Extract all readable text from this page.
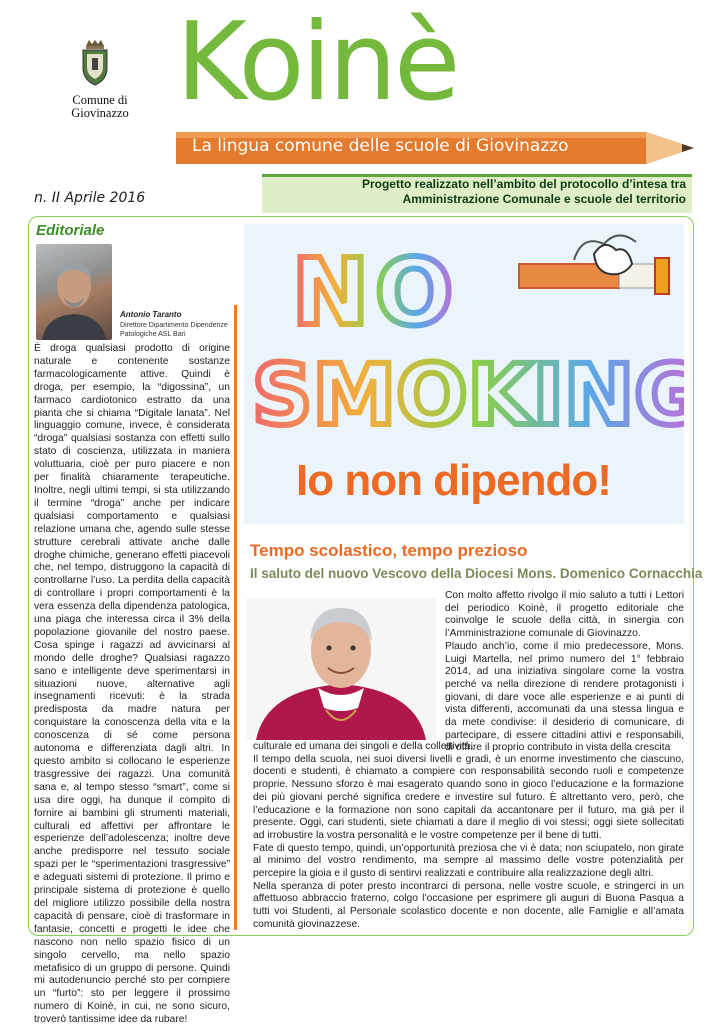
Comune di Giovinazzo Koinè
La lingua comune delle scuole di Giovinazzo
n. II Aprile 2016
Progetto realizzato nell’ambito del protocollo d’intesa tra
Amministrazione Comunale e scuole del territorio
Editoriale
Antonio Taranto
Direttore Dipartimento Dipendenze Patologiche ASL Bari
È droga qualsiasi prodotto di origine naturale e contenente sostanze farmacologicamente attive. Quindi è droga, per esempio, la “digossina”, un farmaco cardiotonico estratto da una pianta che si chiama “Digitale lanata”. Nel linguaggio comune, invece, è considerata “droga” qualsiasi sostanza con effetti sullo stato di coscienza, utilizzata in maniera voluttuaria, cioè per puro piacere e non per finalità chiaramente terapeutiche. Inoltre, negli ultimi tempi, si sta utilizzando il termine “droga” anche per indicare qualsiasi comportamento e qualsiasi relazione umana che, agendo sulle stesse strutture cerebrali attivate anche dalle droghe chimiche, generano effetti piacevoli che, nel tempo, distruggono la capacità di controllarne l’uso. La perdita della capacità di controllare i propri comportamenti è la vera essenza della dipendenza patologica, una piaga che interessa circa il 3% della popolazione giovanile del nostro paese. Cosa spinge i ragazzi ad avvicinarsi al mondo delle droghe? Qualsiasi ragazzo sano e intelligente deve sperimentarsi in situazioni nuove, alternative agli insegnamenti ricevuti: è la strada predisposta da madre natura per conquistare la conoscenza della vita e la conoscenza di sé come persona autonoma e differenziata dagli altri. In questo ambito si collocano le esperienze trasgressive dei ragazzi. Una comunità sana e, al tempo stesso “smart”, come si usa dire oggi, ha dunque il compito di fornire ai bambini gli strumenti materiali, culturali ed affettivi per affrontare le esperienze dell’adolescenza; inoltre deve anche predisporre nel tessuto sociale spazi per le “sperimentazioni trasgressive” e adeguati sistemi di protezione. Il primo e principale sistema di protezione è quello del migliore utilizzo possibile della nostra capacità di pensare, cioè di trasformare in fantasie, concetti e progetti le idee che nascono non nello spazio fisico di un singolo cervello, ma nello spazio metafisico di un gruppo di persone. Quindi mi autodenuncio perché sto per compiere un “furto”: sto per leggere il prossimo numero di Koinè, in cui, ne sono sicuro, troverò tantissime idee da rubare!
NO
SMOKING
Io non dipendo!
Tempo scolastico, tempo prezioso
Il saluto del nuovo Vescovo della Diocesi Mons. Domenico Cornacchia

Con molto affetto rivolgo il mio saluto a tutti i Lettori del periodico Koinè, il progetto editoriale che coinvolge le scuole della città, in sinergia con l’Amministrazione comunale di Giovinazzo.

Plaudo anch’io, come il mio predecessore, Mons. Luigi Martella, nel primo numero del 1° febbraio 2014, ad una iniziativa singolare come la vostra perché va nella direzione di rendere protagonisti i giovani, di dare voce alle esperienze e ai punti di vista differenti, accomunati da una stessa lingua e da mete condivise: il desiderio di comunicare, di partecipare, di essere cittadini attivi e responsabili, di offrire il proprio contributo in vista della crescita

culturale ed umana dei singoli e della collettività.

Il tempo della scuola, nei suoi diversi livelli e gradi, è un enorme investimento che ciascuno, docenti e studenti, è chiamato a compiere con responsabilità secondo ruoli e competenze proprie. Nessuno sforzo è mai esagerato quando sono in gioco l’educazione e la formazione dei più giovani perché significa credere e investire sul futuro. È altrettanto vero, però, che l’educazione e la formazione non sono capitali da accantonare per il futuro, ma già per il presente. Oggi, cari studenti, siete chiamati a dare il meglio di voi stessi; oggi siete sollecitati ad irrobustire la vostra personalità e le vostre competenze per il bene di tutti.

Fate di questo tempo, quindi, un’opportunità preziosa che vi è data; non sciupatelo, non girate al minimo del vostro rendimento, ma sempre al massimo delle vostre potenzialità per percepire la gioia e il gusto di sentirvi realizzati e contribuire alla realizzazione degli altri.

Nella speranza di poter presto incontrarci di persona, nelle vostre scuole, e stringerci in un affettuoso abbraccio fraterno, colgo l’occasione per esprimere gli auguri di Buona Pasqua a tutti voi Studenti, al Personale scolastico docente e non docente, alle Famiglie e all’amata comunità giovinazzese.
